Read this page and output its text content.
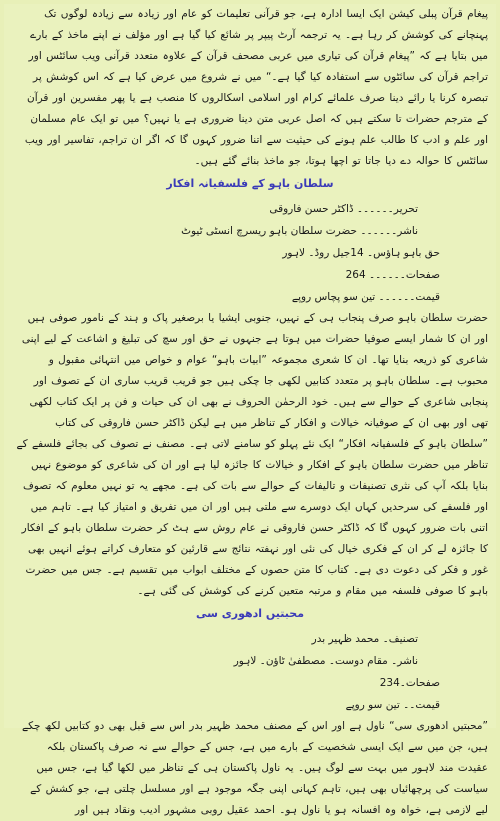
پیغام قرآن پبلی کیشن ایک ایسا ادارہ ہے، جو قرآنی تعلیمات کو عام اور زیادہ سے زیادہ لوگوں تک پہنچانے کی کوشش کر رہا ہے۔ یہ ترجمہ آرٹ پیپر پر شائع کیا گیا ہے اور مؤلف نے اپنے ماخذ کے بارے میں بتایا ہے کہ ”پیغام قرآن کی تیاری میں عربی مصحف قرآن کے علاوہ متعدد قرآنی ویب سائٹس اور تراجم قرآن کی سائٹوں سے استفادہ کیا گیا ہے۔“ میں نے شروع میں عرض کیا ہے کہ اس کوشش پر تبصرہ کرنا یا رائے دینا صرف علمائے کرام اور اسلامی اسکالروں کا منصب ہے یا پھر مفسرین اور قرآن کے مترجم حضرات تا سکتے ہیں کہ اصل عربی متن دینا ضروری ہے یا نہیں؟ میں تو ایک عام مسلمان اور علم و ادب کا طالب علم ہونے کی حیثیت سے اتنا ضرور کہوں گا کہ اگر ان تراجم، تفاسیر اور ویب سائٹس کا حوالہ دے دیا جاتا تو اچھا ہوتا، جو ماخذ بنائے گئے ہیں۔

سلطان باہو کے فلسفیانہ افکار
تحریر۔۔۔۔۔۔ ڈاکٹر حسن فاروقی
ناشر۔۔۔۔۔۔ حضرت سلطان باہو ریسرچ انسٹی ٹیوٹ
حق باہو ہاؤس۔ 14جیل روڈ۔ لاہور
صفحات۔۔۔۔۔۔ 264
قیمت۔۔۔۔۔۔ تین سو پچاس روپے

حضرت سلطان باہو صرف پنجاب ہی کے نہیں، جنوبی ایشیا یا برصغیر پاک و ہند کے نامور صوفی ہیں اور ان کا شمار ایسے صوفیا حضرات میں ہوتا ہے جنہوں نے حق اور سچ کی تبلیغ و اشاعت کے لیے اپنی شاعری کو ذریعہ بنایا تھا۔ ان کا شعری مجموعہ ”ابیات باہو“ عوام و خواص میں انتہائی مقبول و محبوب ہے۔ سلطان باہو پر متعدد کتابیں لکھی جا چکی ہیں جو قریب قریب ساری ان کے تصوف اور پنجابی شاعری کے حوالے سے ہیں۔ خود الرحمٰن الحروف نے بھی ان کی حیات و فن پر ایک کتاب لکھی تھی اور بھی ان کے صوفیانہ خیالات و افکار کے تناظر میں ہے لیکن ڈاکٹر حسن فاروقی کی کتاب ”سلطان باہو کے فلسفیانہ افکار“ ایک نئے پہلو کو سامنے لاتی ہے۔ مصنف نے تصوف کی بجائے فلسفے کے تناظر میں حضرت سلطان باہو کے افکار و خیالات کا جائزہ لیا ہے اور ان کی شاعری کو موضوع نہیں بنایا بلکہ آپ کی نثری تصنیفات و تالیفات کے حوالے سے بات کی ہے۔ مجھے یہ تو نہیں معلوم کہ تصوف اور فلسفے کی سرحدیں کہاں ایک دوسرے سے ملتی ہیں اور ان میں تفریق و امتیاز کیا ہے۔ تاہم میں اتنی بات ضرور کہوں گا کہ ڈاکٹر حسن فاروقی نے عام روش سے ہٹ کر حضرت سلطان باہو کے افکار کا جائزہ لے کر ان کے فکری خیال کی نئی اور نہفتہ نتائج سے قارئین کو متعارف کراتے ہوئے انہیں بھی غور و فکر کی دعوت دی ہے۔ کتاب کا متن حصوں کے مختلف ابواب میں تقسیم ہے۔ جس میں حضرت باہو کا صوفی فلسفہ میں مقام و مرتبہ متعین کرنے کی کوشش کی گئی ہے۔

محبتیں ادھوری سی
تصنیف۔ محمد ظہیر بدر
ناشر۔ مقام دوست۔ مصطفیٰ ٹاؤن۔ لاہور
صفحات۔234
قیمت۔۔ تین سو روپے

”محبتیں ادھوری سی“ ناول ہے اور اس کے مصنف محمد ظہیر بدر اس سے قبل بھی دو کتابیں لکھ چکے ہیں، جن میں سے ایک ایسی شخصیت کے بارے میں ہے، جس کے حوالے سے نہ صرف پاکستان بلکہ عقیدت مند لاہور میں بہت سے لوگ ہیں۔ یہ ناول پاکستان ہی کے تناظر میں لکھا گیا ہے، جس میں سیاست کی پرچھائیاں بھی ہیں، تاہم کہانی اپنی جگہ موجود ہے اور مسلسل چلتی ہے، جو کشش کے لیے لازمی ہے، خواہ وہ افسانہ ہو یا ناول ہو۔ احمد عقیل روبی مشہور ادیب ونقاد ہیں اور
